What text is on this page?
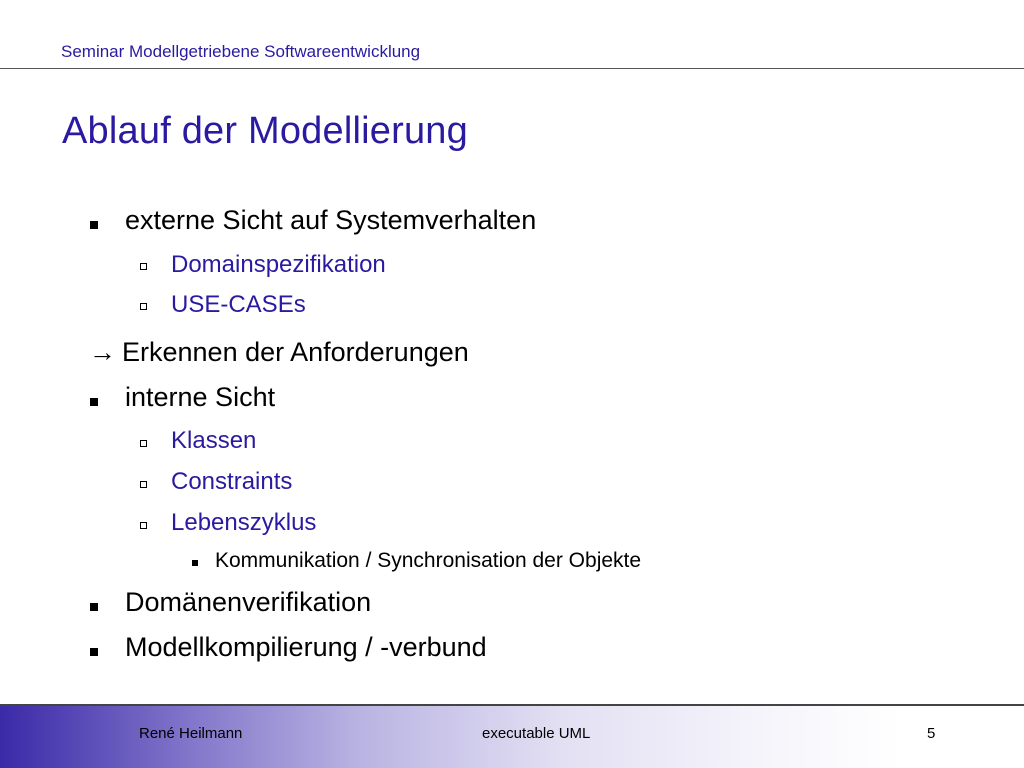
Seminar Modellgetriebene Softwareentwicklung
Ablauf der Modellierung
externe Sicht auf Systemverhalten
Domainspezifikation
USE-CASEs
→ Erkennen der Anforderungen
interne Sicht
Klassen
Constraints
Lebenszyklus
Kommunikation / Synchronisation der Objekte
Domänenverifikation
Modellkompilierung / -verbund
René Heilmann	executable UML	5
